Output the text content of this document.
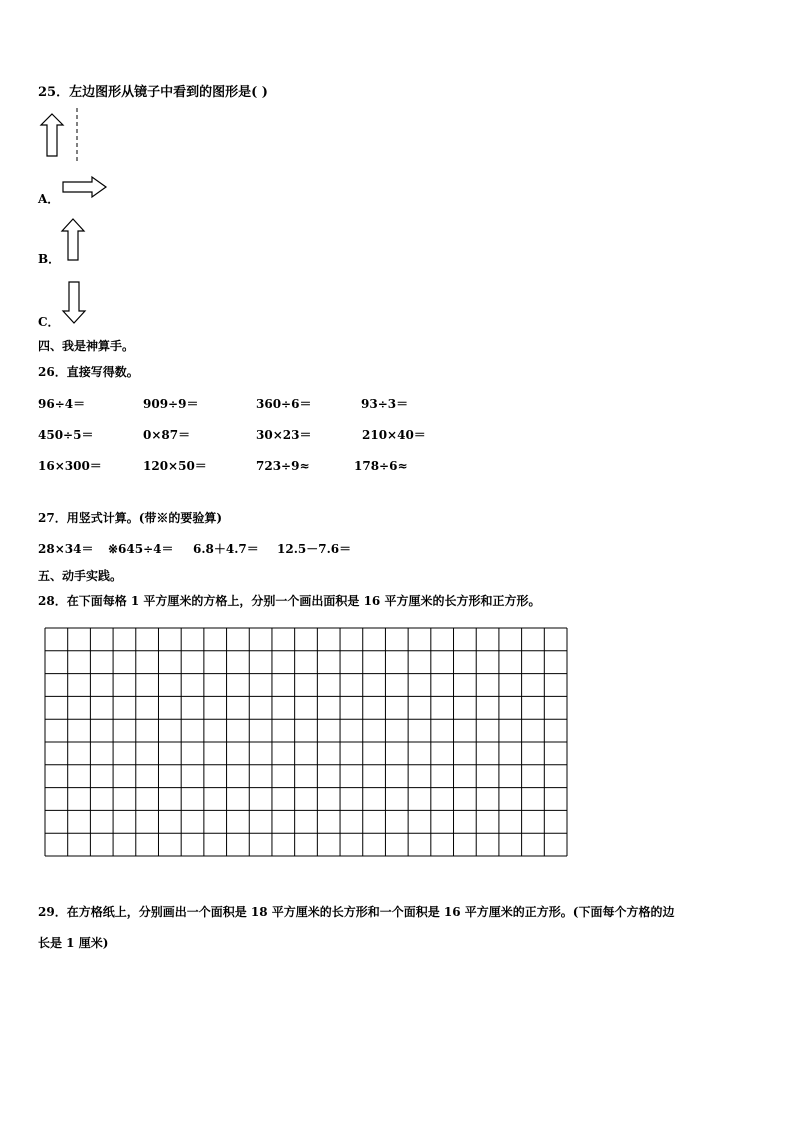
25．左边图形从镜子中看到的图形是( )
A．
B．
C．
四、我是神算手。
26．直接写得数。
96÷4＝	909÷9＝	360÷6＝	93÷3＝
450÷5＝	0×87＝	30×23＝	210×40＝
16×300＝	120×50＝	723÷9≈	178÷6≈
27．用竖式计算。(带※的要验算)
28×34＝ ※645÷4＝ 6.8＋4.7＝ 12.5－7.6＝
五、动手实践。
28．在下面每格 1 平方厘米的方格上，分别一个画出面积是 16 平方厘米的长方形和正方形。
29．在方格纸上，分别画出一个面积是 18 平方厘米的长方形和一个面积是 16 平方厘米的正方形。(下面每个方格的边
长是 1 厘米)
